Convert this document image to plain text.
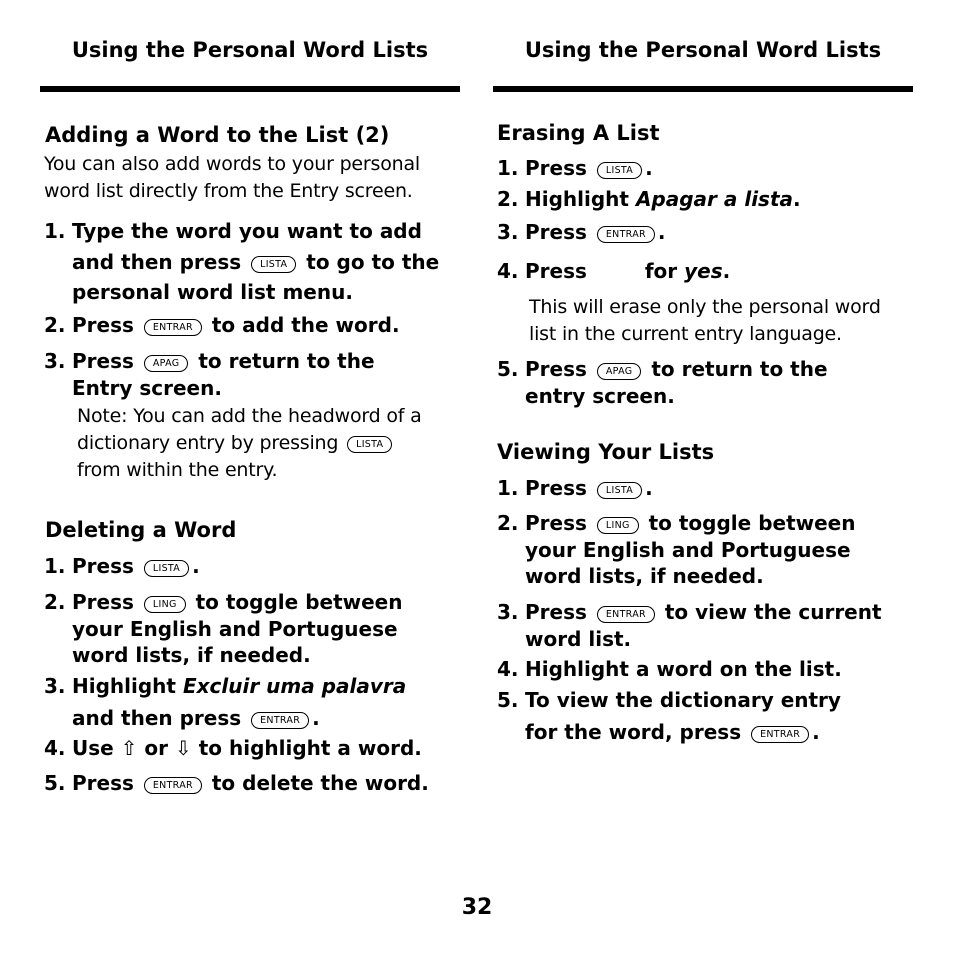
Using the Personal Word Lists
Adding a Word to the List (2)
You can also add words to your personal
word list directly from the Entry screen.
1. Type the word you want to add
and then press LISTA to go to the
personal word list menu.
2. Press ENTRAR to add the word.
3. Press APAG to return to the
Entry screen.
Note: You can add the headword of a
dictionary entry by pressing LISTA
from within the entry.
Deleting a Word
1. Press LISTA .
2. Press LING to toggle between
your English and Portuguese
word lists, if needed.
3. Highlight Excluir uma palavra
and then press ENTRAR .
4. Use ⇧ or ⇩ to highlight a word.
5. Press ENTRAR to delete the word.
Using the Personal Word Lists
Erasing A List
1. Press LISTA .
2. Highlight Apagar a lista.
3. Press ENTRAR .
4. Press	for yes.
This will erase only the personal word
list in the current entry language.
5. Press APAG to return to the
entry screen.
Viewing Your Lists
1. Press LISTA .
2. Press LING to toggle between
your English and Portuguese
word lists, if needed.
3. Press ENTRAR to view the current
word list.
4. Highlight a word on the list.
5. To view the dictionary entry
for the word, press ENTRAR .
32
